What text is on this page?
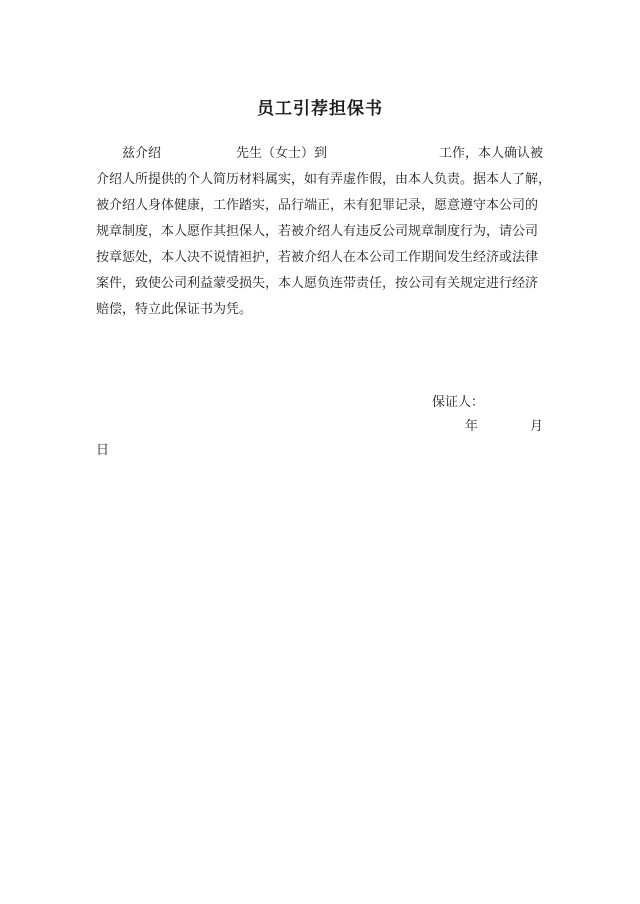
员工引荐担保书
兹介绍	先生（女士）到	工作，本人确认被
介绍人所提供的个人简历材料属实，如有弄虚作假，由本人负责。据本人了解，
被介绍人身体健康，工作踏实，品行端正，未有犯罪记录，愿意遵守本公司的
规章制度，本人愿作其担保人，若被介绍人有违反公司规章制度行为，请公司
按章惩处，本人决不说情袒护，若被介绍人在本公司工作期间发生经济或法律
案件，致使公司利益蒙受损失，本人愿负连带责任，按公司有关规定进行经济
赔偿，特立此保证书为凭。
保证人：
年	月
日
